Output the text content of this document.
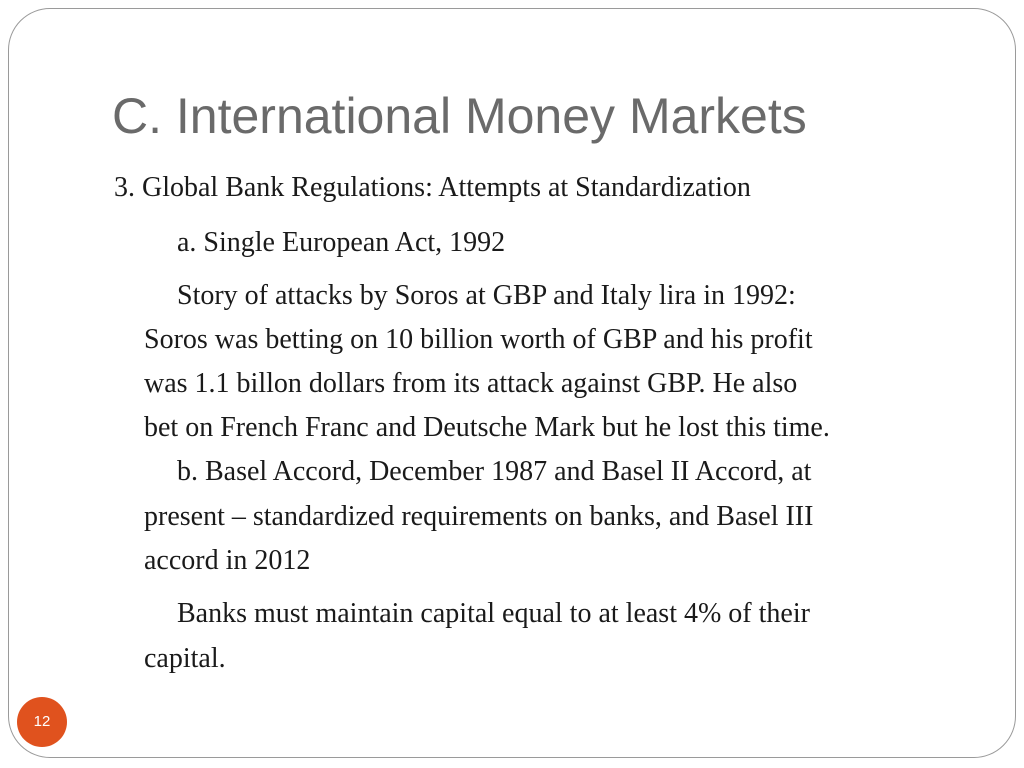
C. International Money Markets

3. Global Bank Regulations: Attempts at Standardization

a. Single European Act, 1992

Story of attacks by Soros at GBP and Italy lira in 1992:

Soros was betting on 10 billion worth of GBP and his profit

was 1.1 billon dollars from its attack against GBP. He also

bet on French Franc and Deutsche Mark but he lost this time.

b. Basel Accord, December 1987 and Basel II Accord, at

present – standardized requirements on banks, and Basel III

accord in 2012

Banks must maintain capital equal to at least 4% of their

capital.

12
